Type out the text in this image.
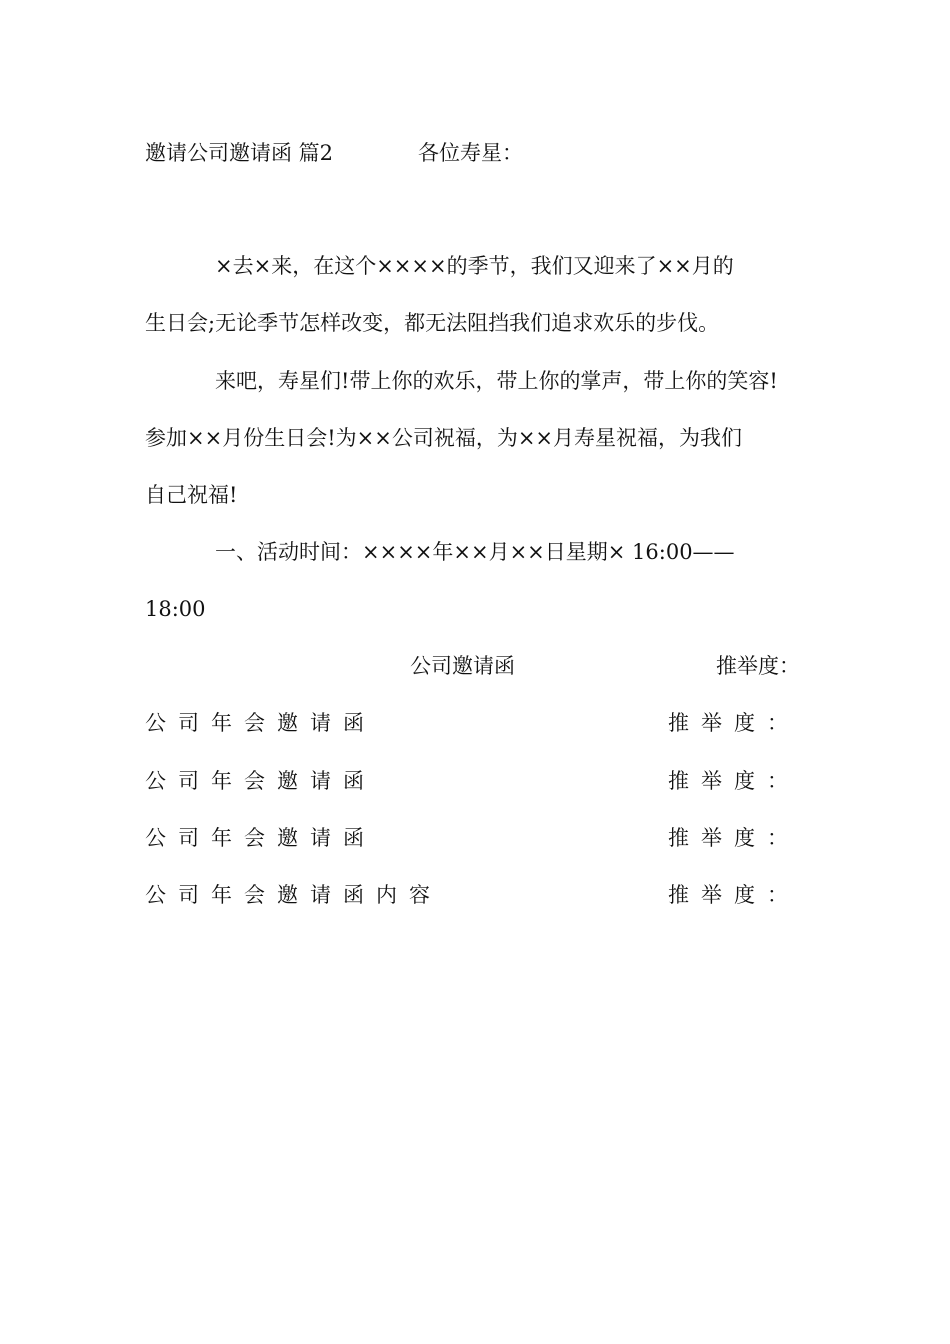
邀请公司邀请函 篇2	各位寿星：
×去×来，在这个××××的季节，我们又迎来了××月的
生日会;无论季节怎样改变，都无法阻挡我们追求欢乐的步伐。
来吧，寿星们!带上你的欢乐，带上你的掌声，带上你的笑容!
参加××月份生日会!为××公司祝福，为××月寿星祝福，为我们
自己祝福!
一、活动时间：××××年××月××日星期× 16:00——
18:00
公司邀请函	推举度：
公司年会邀请函	推举度：
公司年会邀请函	推举度：
公司年会邀请函	推举度：
公司年会邀请函内容	推举度：
